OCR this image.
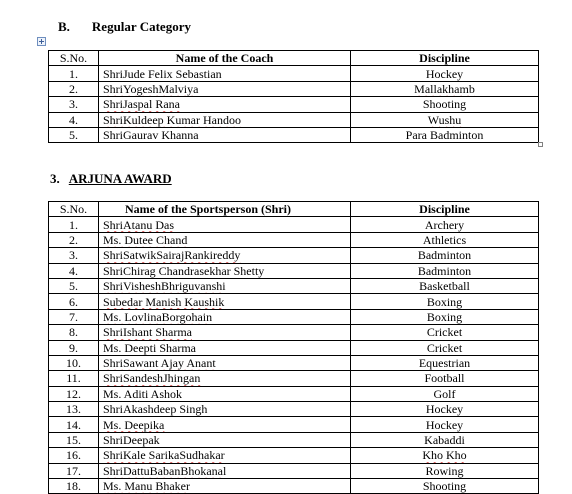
B. Regular Category
S.No.	Name of the Coach	Discipline
1.	ShriJude Felix Sebastian	Hockey
2.	ShriYogeshMalviya	Mallakhamb
3.	ShriJaspal Rana	Shooting
4.	ShriKuldeep Kumar Handoo	Wushu
5.	ShriGaurav Khanna	Para Badminton
3. ARJUNA AWARD
S.No.	Name of the Sportsperson (Shri)	Discipline
1.	ShriAtanu Das	Archery
2.	Ms. Dutee Chand	Athletics
3.	ShriSatwikSairajRankireddy	Badminton
4.	ShriChirag Chandrasekhar Shetty	Badminton
5.	ShriVisheshBhriguvanshi	Basketball
6.	Subedar Manish Kaushik	Boxing
7.	Ms. LovlinaBorgohain	Boxing
8.	ShriIshant Sharma	Cricket
9.	Ms. Deepti Sharma	Cricket
10.	ShriSawant Ajay Anant	Equestrian
11.	ShriSandeshJhingan	Football
12.	Ms. Aditi Ashok	Golf
13.	ShriAkashdeep Singh	Hockey
14.	Ms. Deepika	Hockey
15.	ShriDeepak	Kabaddi
16.	ShriKale SarikaSudhakar	Kho Kho
17.	ShriDattuBabanBhokanal	Rowing
18.	Ms. Manu Bhaker	Shooting
